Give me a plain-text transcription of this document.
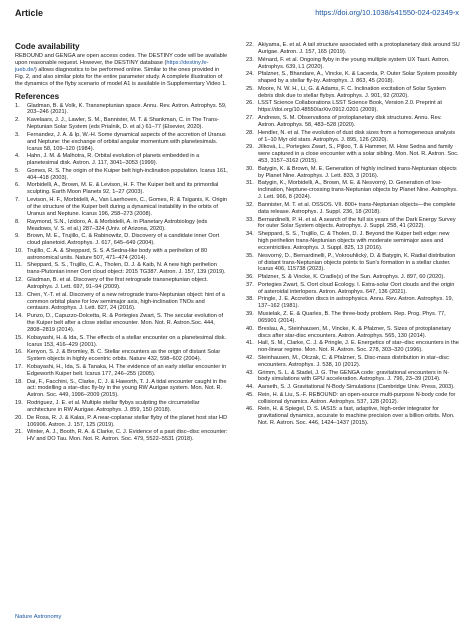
Article	https://doi.org/10.1038/s41550-024-02349-x
Code availability

REBOUND and GENGA are open access codes. The DESTINY code will be available upon reasonable request. However, the DESTINY database (https://destiny.fe-jueb.de/) allows diagnostics to be performed online. Similar to the ones provided in Fig. 2, and also similar plots for the entire parameter study. A complete illustration of the dynamics of the flyby scenario of model A1 is available in Supplementary Video 1.

References
1.	Gladman, B. & Volk, K. Transneptunian space. Annu. Rev. Astron. Astrophys. 59, 203–246 (2021).
2.	Kavelaars, J. J., Lawler, S. M., Bannister, M. T. & Shankman, C. in The Trans-Neptunian Solar System (eds Prialnik, D. et al.) 61–77 (Elsevier, 2020).
3.	Fernandez, J. A. & Ip, W.-H. Some dynamical aspects of the accretion of Uranus and Neptune: the exchange of orbital angular momentum with planetesimals. Icarus 58, 109–120 (1984).
4.	Hahn, J. M. & Malhotra, R. Orbital evolution of planets embedded in a planetesimal disk. Astron. J. 117, 3041–3053 (1999).
5.	Gomes, R. S. The origin of the Kuiper belt high-inclination population. Icarus 161, 404–418 (2003).
6.	Morbidelli, A., Brown, M. E. & Levison, H. F. The Kuiper belt and its primordial sculpting. Earth Moon Planets 92, 1–27 (2003).
7.	Levison, H. F., Morbidelli, A., Van Laerhoven, C., Gomes, R. & Tsiganis, K. Origin of the structure of the Kuiper belt during a dynamical instability in the orbits of Uranus and Neptune. Icarus 196, 258–273 (2008).
8.	Raymond, S.N., Izidoro, A. & Morbidelli, A. in Planetary Astrobiology (eds Meadows, V. S. et al.) 287–324 (Univ. of Arizona, 2020).
9.	Brown, M. E., Trujillo, C. & Rabinowitz, D. Discovery of a candidate inner Oort cloud planetoid. Astrophys. J. 617, 645–649 (2004).
10. Trujillo, C. A. & Sheppard, S. S. A Sedna-like body with a perihelion of 80 astronomical units. Nature 507, 471–474 (2014).
11. Sheppard, S. S., Trujillo, C. A., Tholen, D. J. & Kaib, N. A new high perihelion trans-Plutonian inner Oort cloud object: 2015 TG387. Astron. J. 157, 139 (2019).
12. Gladman, B. et al. Discovery of the first retrograde transneptunian object. Astrophys. J. Lett. 697, 91–94 (2009).
13. Chen, Y.-T. et al. Discovery of a new retrograde trans-Neptunian object: hint of a common orbital plane for low semimajor axis, high-inclination TNOs and centaurs. Astrophys. J. Lett. 827, 24 (2016).
14. Punzo, D., Capuzzo-Dolcetta, R. & Portegies Zwart, S. The secular evolution of the Kuiper belt after a close stellar encounter. Mon. Not. R. Astron.Soc. 444, 2808–2819 (2014).
15. Kobayashi, H. & Ida, S. The effects of a stellar encounter on a planetesimal disk. Icarus 153, 416–429 (2001).
16. Kenyon, S. J. & Bromley, B. C. Stellar encounters as the origin of distant Solar System objects in highly eccentric orbits. Nature 432, 598–602 (2004).
17. Kobayashi, H., Ida, S. & Tanaka, H. The evidence of an early stellar encounter in Edgeworth Kuiper belt. Icarus 177, 246–255 (2005).
18. Dai, F., Facchini, S., Clarke, C. J. & Haworth, T. J. A tidal encounter caught in the act: modelling a star–disc fly-by in the young RW Aurigae system. Mon. Not. R. Astron. Soc. 449, 1996–2009 (2015).
19. Rodriguez, J. E. et al. Multiple stellar flybys sculpting the circumstellar architecture in RW Aurigae. Astrophys. J. 859, 150 (2018).
20. De Rosa, R. J. & Kalas, P. A near-coplanar stellar flyby of the planet host star HD 106906. Astron. J. 157, 125 (2019).
21. Winter, A. J., Booth, R. A. & Clarke, C. J. Evidence of a past disc–disc encounter: HV and DO Tau. Mon. Not. R. Astron. Soc. 479, 5522–5531 (2018).
22. Akiyama, E. et al. A tail structure associated with a protoplanetary disk around SU Aurigae. Astron. J. 157, 165 (2019).
23. Ménard, F. et al. Ongoing flyby in the young multiple system UX Tauri. Astron. Astrophys. 639, L1 (2020).
24. Pfalzner, S., Bhandare, A., Vincke, K. & Lacerda, P. Outer Solar System possibly shaped by a stellar fly-by. Astrophys. J. 863, 45 (2018).
25. Moore, N. W. H., Li, G. & Adams, F. C. Inclination excitation of Solar System debris disk due to stellar flybys. Astrophys. J. 901, 92 (2020).
26. LSST Science Collaborations LSST Science Book, Version 2.0. Preprint at https://doi.org/10.48550/arXiv.0912.0201 (2009).
27. Andrews, S. M. Observations of protoplanetary disk structures. Annu. Rev. Astron. Astrophys. 58, 483–528 (2020).
28. Hendler, N. et al. The evolution of dust disk sizes from a homogeneous analysis of 1–10 Myr old stars. Astrophys. J. 895, 126 (2020).
29. Jílková, L., Portegies Zwart, S., Pijloo, T. & Hammer, M. How Sedna and family were captured in a close encounter with a solar sibling. Mon. Not. R. Astron. Soc. 453, 3157–3162 (2015).
30. Batygin, K. & Brown, M. E. Generation of highly inclined trans-Neptunian objects by Planet Nine. Astrophys. J. Lett. 833, 3 (2016).
31. Batygin, K., Morbidelli, A., Brown, M. E. & Nesvorný, D. Generation of low-inclination, Neptune-crossing trans-Neptunian objects by Planet Nine. Astrophys. J. Lett. 966, 8 (2024).
32. Bannister, M. T. et al. OSSOS. VII. 800+ trans-Neptunian objects—the complete data release. Astrophys. J. Suppl. 236, 18 (2018).
33. Bernardinelli, P. H. et al. A search of the full six years of the Dark Energy Survey for outer Solar System objects. Astrophys. J. Suppl. 258, 41 (2022).
34. Sheppard, S. S., Trujillo, C. & Tholen, D. J. Beyond the Kuiper belt edge: new high perihelion trans-Neptunian objects with moderate semimajor axes and eccentricities. Astrophys. J. Suppl. 825, 13 (2016).
35. Nesvorný, D., Bernardinelli, P., Vokrouhlický, D. & Batygin, K. Radial distribution of distant trans-Neptunian objects points to Sun's formation in a stellar cluster. Icarus 406, 115738 (2023).
36. Pfalzner, S. & Vincke, K. Cradle(s) of the Sun. Astrophys. J. 897, 60 (2020).
37. Portegies Zwart, S. Oort cloud Ecology. I. Extra-solar Oort clouds and the origin of asteroidal interlopers. Astron. Astrophys. 647, 136 (2021).
38. Pringle, J. E. Accretion discs in astrophysics. Annu. Rev. Astron. Astrophys. 19, 137–162 (1981).
39. Musielak, Z. E. & Quarles, B. The three-body problem. Rep. Prog. Phys. 77, 065901 (2014).
40. Breslau, A., Steinhausen, M., Vincke, K. & Pfalzner, S. Sizes of protoplanetary discs after star-disc encounters. Astron. Astrophys. 565, 130 (2014).
41. Hall, S. M., Clarke, C. J. & Pringle, J. E. Energetics of star–disc encounters in the non-linear regime. Mon. Not. R. Astron. Soc. 278, 303–320 (1996).
42. Steinhausen, M., Olczak, C. & Pfalzner, S. Disc-mass distribution in star–disc encounters. Astrophys. J. 538, 10 (2012).
43. Grimm, S. L. & Stadel, J. G. The GENGA code: gravitational encounters in N-body simulations with GPU acceleration. Astrophys. J. 796, 23–39 (2014).
44. Aarseth, S. J. Gravitational N-Body Simulations (Cambridge Univ. Press, 2003).
45. Rein, H. & Liu, S.-F. REBOUND: an open-source multi-purpose N-body code for collisional dynamics. Astron. Astrophys. 537, 128 (2012).
46. Rein, H. & Spiegel, D. S. IAS15: a fast, adaptive, high-order integrator for gravitational dynamics, accurate to machine precision over a billion orbits. Mon. Not. R. Astron. Soc. 446, 1424–1437 (2015).
Nature Astronomy
